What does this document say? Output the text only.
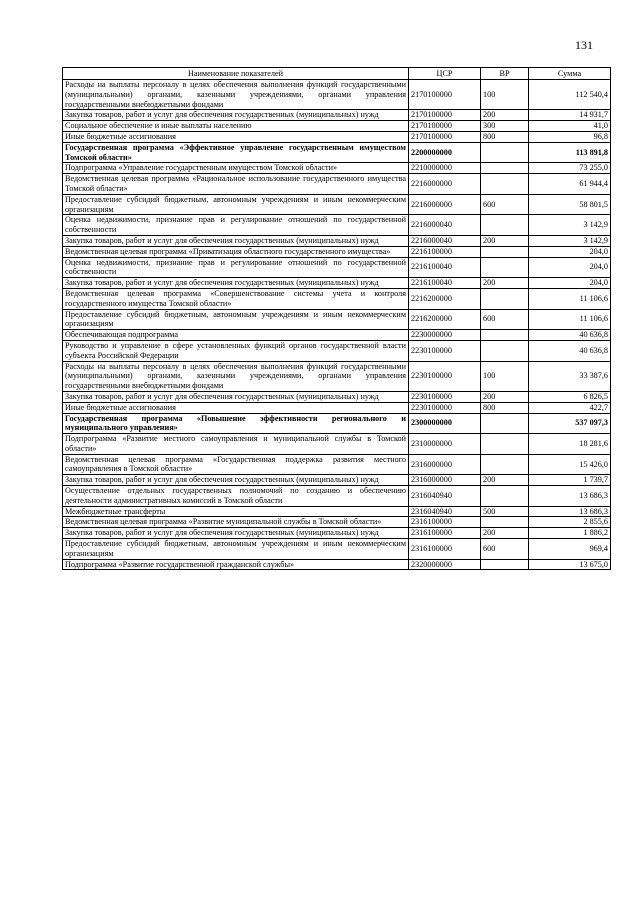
131
Наименование показателей	ЦСР	ВР	Сумма
Расходы на выплаты персоналу в целях обеспечения выполнения функций государственными (муниципальными) органами, казенными учреждениями, органами управления государственными внебюджетными фондами	2170100000	100	112 540,4
Закупка товаров, работ и услуг для обеспечения государственных (муниципальных) нужд	2170100000	200	14 931,7
Социальное обеспечение и иные выплаты населению	2170100000	300	41,0
Иные бюджетные ассигнования	2170100000	800	96,8
Государственная программа «Эффективное управление государственным имуществом Томской области»	2200000000		113 891,8
Подпрограмма «Управление государственным имуществом Томской области»	2210000000		73 255,0
Ведомственная целевая программа «Рациональное использование государственного имущества Томской области»	2216000000		61 944,4
Предоставление субсидий бюджетным, автономным учреждениям и иным некоммерческим организациям	2216000000	600	58 801,5
Оценка недвижимости, признание прав и регулирование отношений по государственной собственности	2216000040		3 142,9
Закупка товаров, работ и услуг для обеспечения государственных (муниципальных) нужд	2216000040	200	3 142,9
Ведомственная целевая программа «Приватизация областного государственного имущества»	2216100000		204,0
Оценка недвижимости, признание прав и регулирование отношений по государственной собственности	2216100040		204,0
Закупка товаров, работ и услуг для обеспечения государственных (муниципальных) нужд	2216100040	200	204,0
Ведомственная целевая программа «Совершенствование системы учета и контроля государственного имущества Томской области»	2216200000		11 106,6
Предоставление субсидий бюджетным, автономным учреждениям и иным некоммерческим организациям	2216200000	600	11 106,6
Обеспечивающая подпрограмма	2230000000		40 636,8
Руководство и управление в сфере установленных функций органов государственной власти субъекта Российской Федерации	2230100000		40 636,8
Расходы на выплаты персоналу в целях обеспечения выполнения функций государственными (муниципальными) органами, казенными учреждениями, органами управления государственными внебюджетными фондами	2230100000	100	33 387,6
Закупка товаров, работ и услуг для обеспечения государственных (муниципальных) нужд	2230100000	200	6 826,5
Иные бюджетные ассигнования	2230100000	800	422,7
Государственная программа «Повышение эффективности регионального и муниципального управления»	2300000000		537 097,3
Подпрограмма «Развитие местного самоуправления и муниципальной службы в Томской области»	2310000000		18 281,6
Ведомственная целевая программа «Государственная поддержка развития местного самоуправления в Томской области»	2316000000		15 426,0
Закупка товаров, работ и услуг для обеспечения государственных (муниципальных) нужд	2316000000	200	1 739,7
Осуществление отдельных государственных полномочий по созданию и обеспечению деятельности административных комиссий в Томской области	2316040940		13 686,3
Межбюджетные трансферты	2316040940	500	13 686,3
Ведомственная целевая программа «Развитие муниципальной службы в Томской области»	2316100000		2 855,6
Закупка товаров, работ и услуг для обеспечения государственных (муниципальных) нужд	2316100000	200	1 886,2
Предоставление субсидий бюджетным, автономным учреждениям и иным некоммерческим организациям	2316100000	600	969,4
Подпрограмма «Развитие государственной гражданской службы»	2320000000		13 675,0
